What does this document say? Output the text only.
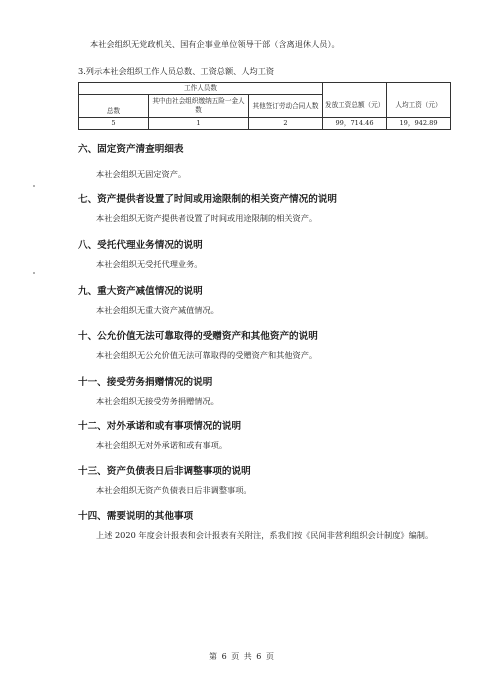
本社会组织无党政机关、国有企事业单位领导干部（含离退休人员）。
3.列示本社会组织工作人员总数、工资总额、人均工资
工作人员数				
总数	其中由社会组织缴纳五险一金人数	其他签订劳动合同人数	发放工资总额（元）	人均工资（元）
5	1	2	99，714.46	19，942.89
六、固定资产清查明细表
本社会组织无固定资产。
七、资产提供者设置了时间或用途限制的相关资产情况的说明
本社会组织无资产提供者设置了时间或用途限制的相关资产。
八、受托代理业务情况的说明
本社会组织无受托代理业务。
九、重大资产减值情况的说明
本社会组织无重大资产减值情况。
十、公允价值无法可靠取得的受赠资产和其他资产的说明
本社会组织无公允价值无法可靠取得的受赠资产和其他资产。
十一、接受劳务捐赠情况的说明
本社会组织无接受劳务捐赠情况。
十二、对外承诺和或有事项情况的说明
本社会组织无对外承诺和或有事项。
十三、资产负债表日后非调整事项的说明
本社会组织无资产负债表日后非调整事项。
十四、需要说明的其他事项
上述 2020 年度会计报表和会计报表有关附注，系我们按《民间非营利组织会计制度》编制。
第 6 页 共 6 页
